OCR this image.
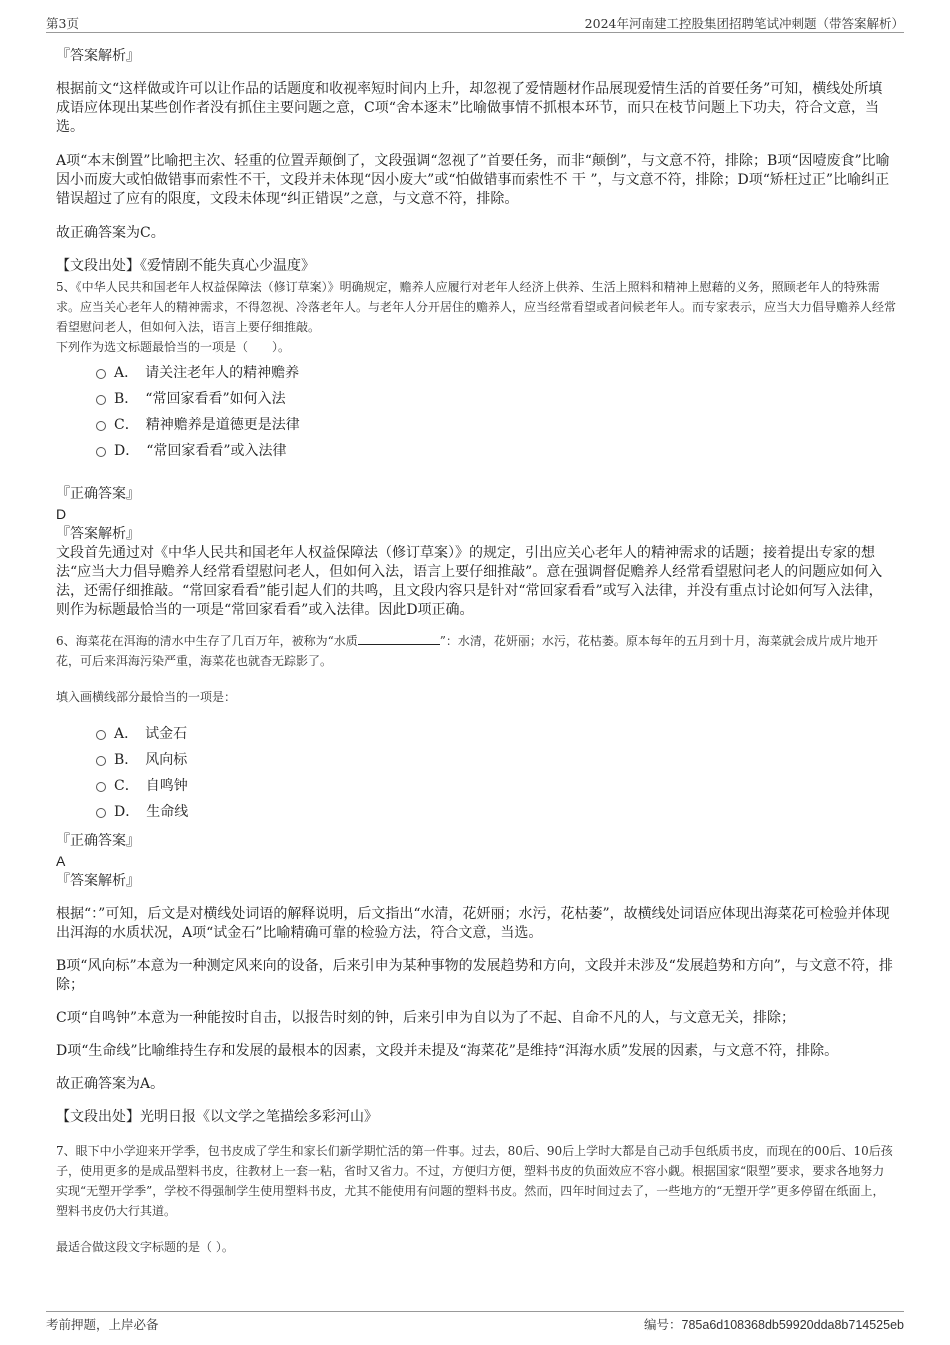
第3页	2024年河南建工控股集团招聘笔试冲刺题（带答案解析）

『答案解析』

根据前文“这样做或许可以让作品的话题度和收视率短时间内上升，却忽视了爱情题材作品展现爱情生活的首要任务”可知，横线处所填成语应体现出某些创作者没有抓住主要问题之意，C项“舍本逐末”比喻做事情不抓根本环节，而只在枝节问题上下功夫，符合文意，当选。

A项“本末倒置”比喻把主次、轻重的位置弄颠倒了，文段强调“忽视了”首要任务，而非“颠倒”，与文意不符，排除；B项“因噎废食”比喻因小而废大或怕做错事而索性不干，文段并未体现“因小废大”或“怕做错事而索性不 干 ”，与文意不符，排除；D项“矫枉过正”比喻纠正错误超过了应有的限度，文段未体现“纠正错误”之意，与文意不符，排除。

故正确答案为C。

【文段出处】《爱情剧不能失真心少温度》

5、《中华人民共和国老年人权益保障法（修订草案）》明确规定，赡养人应履行对老年人经济上供养、生活上照料和精神上慰藉的义务，照顾老年人的特殊需求。应当关心老年人的精神需求，不得忽视、冷落老年人。与老年人分开居住的赡养人，应当经常看望或者问候老年人。而专家表示，应当大力倡导赡养人经常看望慰问老人，但如何入法，语言上要仔细推敲。

下列作为选文标题最恰当的一项是（　　）。

A．　 请关注老年人的精神赡养
B．　 “常回家看看”如何入法
C．　 精神赡养是道德更是法律
D．　 “常回家看看”或入法律

『正确答案』

D

『答案解析』

文段首先通过对《中华人民共和国老年人权益保障法（修订草案）》的规定，引出应关心老年人的精神需求的话题；接着提出专家的想法“应当大力倡导赡养人经常看望慰问老人，但如何入法，语言上要仔细推敲”。意在强调督促赡养人经常看望慰问老人的问题应如何入法，还需仔细推敲。“常回家看看”能引起人们的共鸣，且文段内容只是针对“常回家看看”或写入法律，并没有重点讨论如何写入法律，则作为标题最恰当的一项是“常回家看看”或入法律。因此D项正确。

6、海菜花在洱海的清水中生存了几百万年，被称为“水质	”：水清，花妍丽；水污，花枯萎。原本每年的五月到十月，海菜就会成片成片地开花，可后来洱海污染严重，海菜花也就杳无踪影了。

填入画横线部分最恰当的一项是：

A．　 试金石
B．　 风向标
C．　 自鸣钟
D．　 生命线

『正确答案』

A

『答案解析』

根据“：”可知，后文是对横线处词语的解释说明，后文指出“水清，花妍丽；水污，花枯萎”，故横线处词语应体现出海菜花可检验并体现出洱海的水质状况，A项“试金石”比喻精确可靠的检验方法，符合文意，当选。

B项“风向标”本意为一种测定风来向的设备，后来引申为某种事物的发展趋势和方向，文段并未涉及“发展趋势和方向”，与文意不符，排除；

C项“自鸣钟”本意为一种能按时自击，以报告时刻的钟，后来引申为自以为了不起、自命不凡的人，与文意无关，排除；

D项“生命线”比喻维持生存和发展的最根本的因素，文段并未提及“海菜花”是维持“洱海水质”发展的因素，与文意不符，排除。

故正确答案为A。

【文段出处】光明日报《以文学之笔描绘多彩河山》

7、眼下中小学迎来开学季，包书皮成了学生和家长们新学期忙活的第一件事。过去，80后、90后上学时大都是自己动手包纸质书皮，而现在的00后、10后孩子，使用更多的是成品塑料书皮，往教材上一套一粘，省时又省力。不过，方便归方便，塑料书皮的负面效应不容小觑。根据国家“限塑”要求，要求各地努力实现“无塑开学季”，学校不得强制学生使用塑料书皮，尤其不能使用有问题的塑料书皮。然而，四年时间过去了，一些地方的“无塑开学”更多停留在纸面上，塑料书皮仍大行其道。

最适合做这段文字标题的是（ ）。

考前押题，上岸必备	编号：785a6d108368db59920dda8b714525eb
